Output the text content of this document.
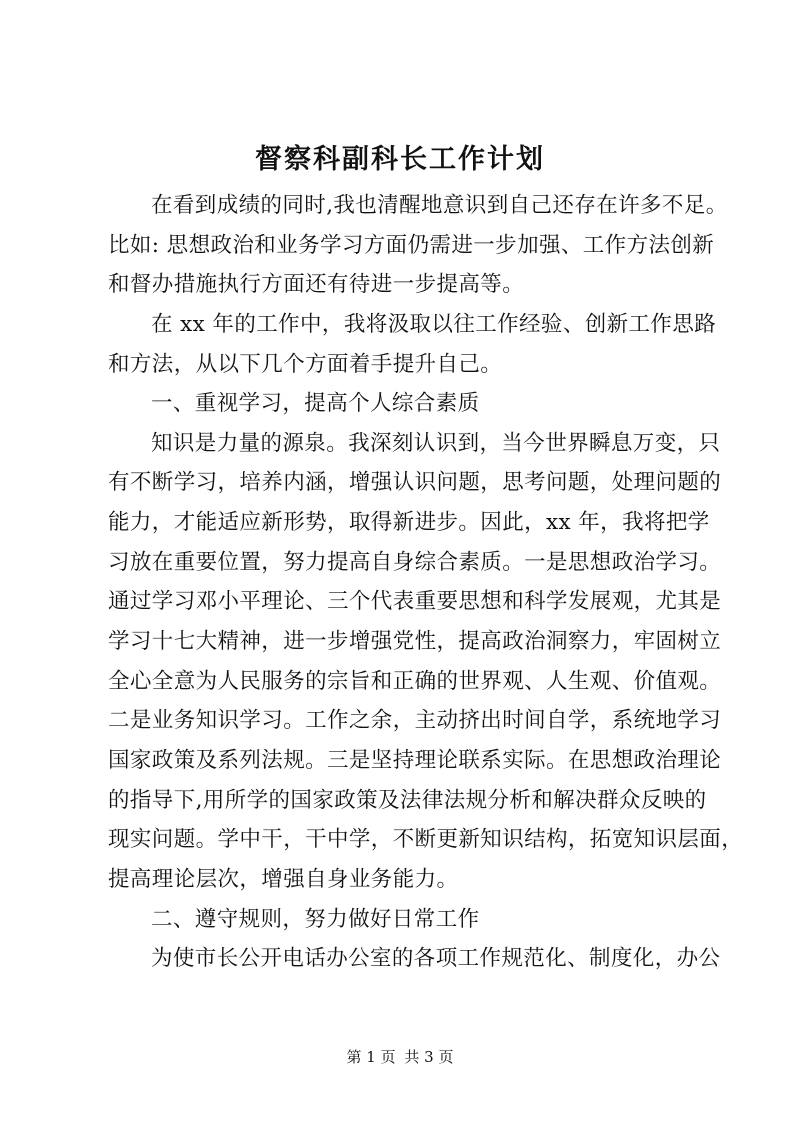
督察科副科长工作计划
在看到成绩的同时,我也清醒地意识到自己还存在许多不足。
比如: 思想政治和业务学习方面仍需进一步加强、工作方法创新
和督办措施执行方面还有待进一步提高等。
在 xx 年的工作中，我将汲取以往工作经验、创新工作思路
和方法，从以下几个方面着手提升自己。
一、重视学习，提高个人综合素质
知识是力量的源泉。我深刻认识到，当今世界瞬息万变，只
有不断学习，培养内涵，增强认识问题，思考问题，处理问题的
能力，才能适应新形势，取得新进步。因此，xx 年，我将把学
习放在重要位置，努力提高自身综合素质。一是思想政治学习。
通过学习邓小平理论、三个代表重要思想和科学发展观，尤其是
学习十七大精神，进一步增强党性，提高政治洞察力，牢固树立
全心全意为人民服务的宗旨和正确的世界观、人生观、价值观。
二是业务知识学习。工作之余，主动挤出时间自学，系统地学习
国家政策及系列法规。三是坚持理论联系实际。在思想政治理论
的指导下,用所学的国家政策及法律法规分析和解决群众反映的
现实问题。学中干，干中学，不断更新知识结构，拓宽知识层面，
提高理论层次，增强自身业务能力。
二、遵守规则，努力做好日常工作
为使市长公开电话办公室的各项工作规范化、制度化，办公
第 1 页 共 3 页
